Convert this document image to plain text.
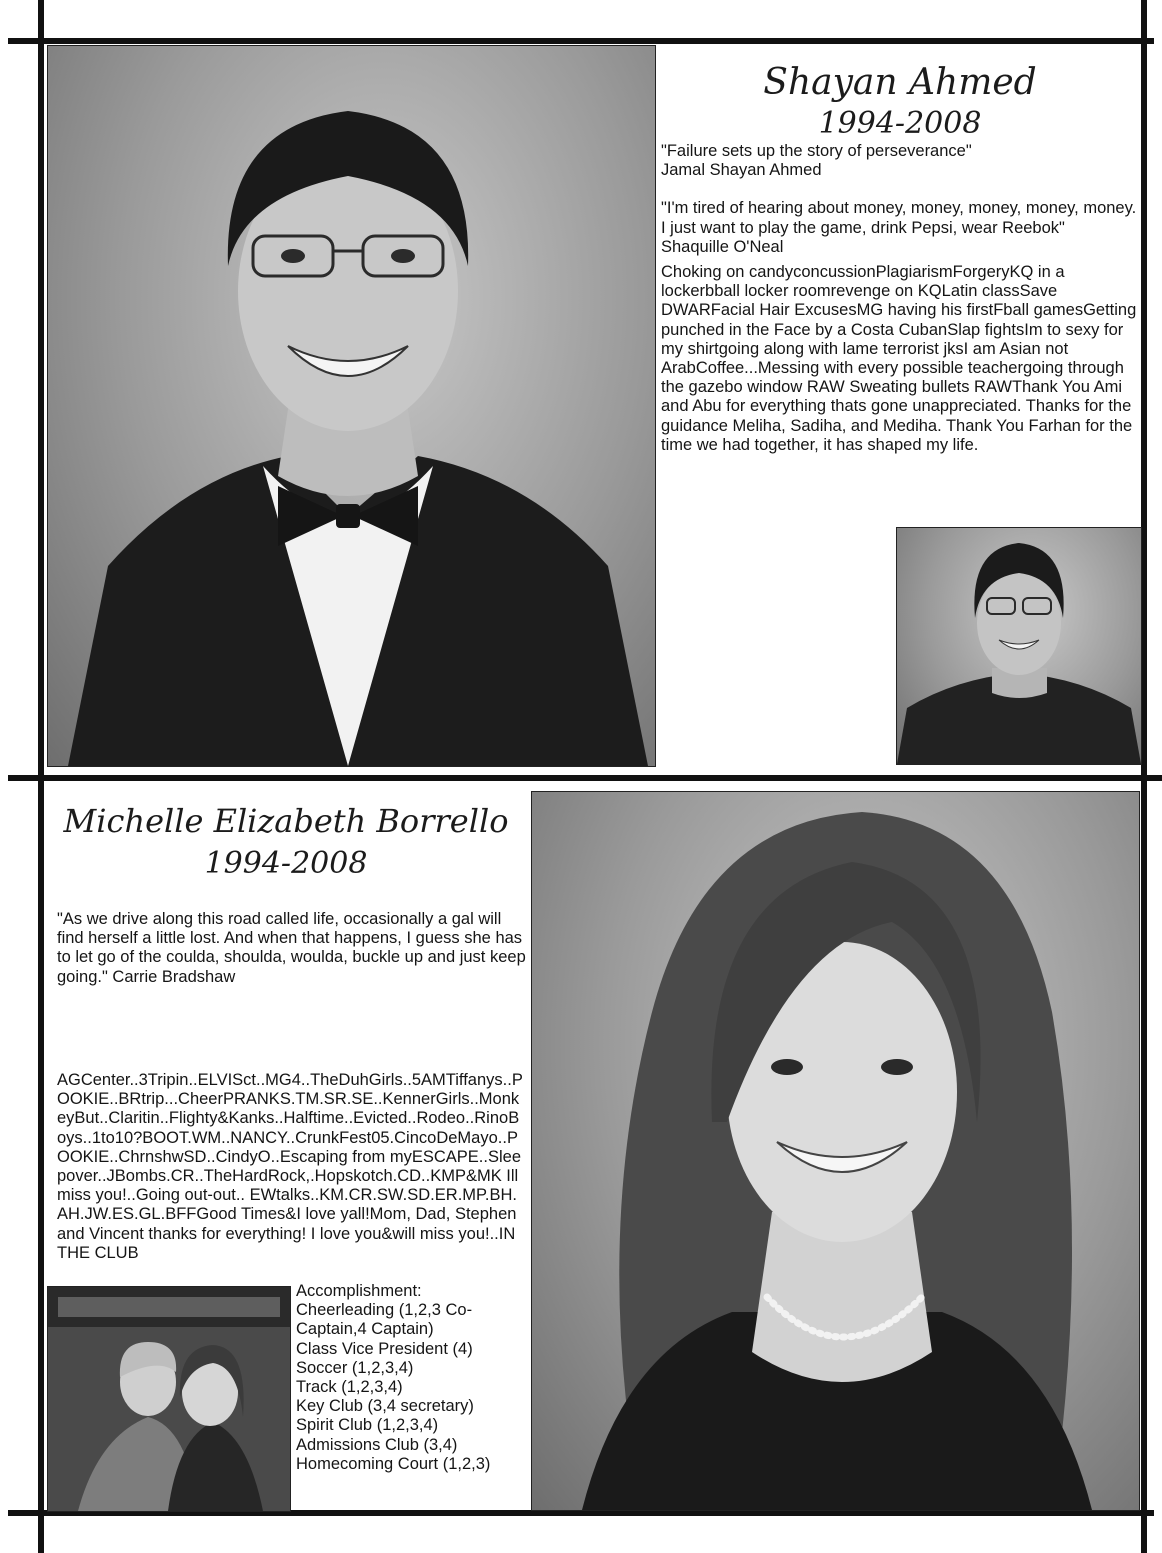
Shayan Ahmed
1994-2008

"Failure sets up the story of perseverance"

Jamal Shayan Ahmed

"I'm tired of hearing about money, money, money, money, money. I just want to play the game, drink Pepsi, wear Reebok"

Shaquille O'Neal

Choking on candyconcussionPlagiarismForgeryKQ in a lockerbball locker roomrevenge on KQLatin classSave DWARFacial Hair ExcusesMG having his firstFball gamesGetting punched in the Face by a Costa CubanSlap fightsIm to sexy for my shirtgoing along with lame terrorist jksI am Asian not ArabCoffee...Messing with every possible teachergoing through the gazebo window RAW Sweating bullets RAWThank You Ami and Abu for everything thats gone unappreciated. Thanks for the guidance Meliha, Sadiha, and Mediha. Thank You Farhan for the time we had together, it has shaped my life.

Michelle Elizabeth Borrello
1994-2008
"As we drive along this road called life, occasionally a gal will find herself a little lost. And when that happens, I guess she has to let go of the coulda, shoulda, woulda, buckle up and just keep going." Carrie Bradshaw
AGCenter..3Tripin..ELVISct..MG4..TheDuhGirls..5AMTiffanys..POOKIE..BRtrip...CheerPRANKS.TM.SR.SE..KennerGirls..MonkeyBut..Claritin..Flighty&Kanks..Halftime..Evicted..Rodeo..RinoBoys..1to10?BOOT.WM..NANCY..CrunkFest05.CincoDeMayo..POOKIE..ChrnshwSD..CindyO..Escaping from myESCAPE..Sleepover..JBombs.CR..TheHardRock,.Hopskotch.CD..KMP&MK Ill miss you!..Going out-out.. EWtalks..KM.CR.SW.SD.ER.MP.BH.AH.JW.ES.GL.BFFGood Times&I love yall!Mom, Dad, Stephen and Vincent thanks for everything! I love you&will miss you!..IN THE CLUB
Accomplishment:
Cheerleading (1,2,3 Co-Captain,4 Captain)
Class Vice President (4)
Soccer (1,2,3,4)
Track (1,2,3,4)
Key Club (3,4 secretary)
Spirit Club (1,2,3,4)
Admissions Club (3,4)
Homecoming Court (1,2,3)
